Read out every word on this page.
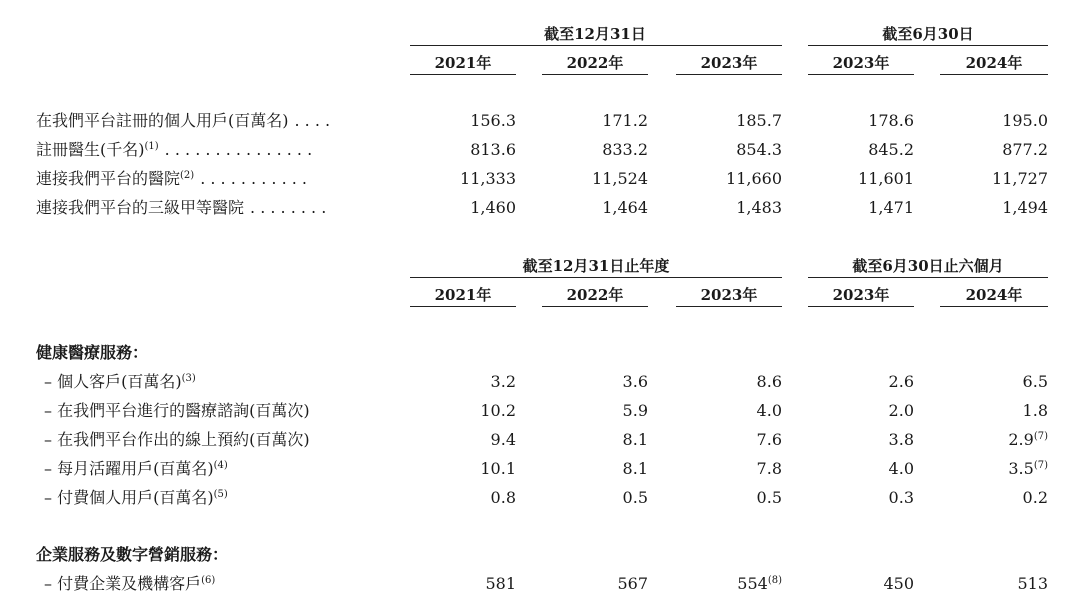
截至12月31日	截至6月30日
2021年	2022年	2023年	2023年	2024年
在我們平台註冊的個人用戶(百萬名) . . . .	156.3	171.2	185.7	178.6	195.0
註冊醫生(千名)$^{(1)}$ . . . . . . . . . . . . . . .	813.6	833.2	854.3	845.2	877.2
連接我們平台的醫院$^{(2)}$ . . . . . . . . . . .	11,333	11,524	11,660	11,601	11,727
連接我們平台的三級甲等醫院 . . . . . . . .	1,460	1,464	1,483	1,471	1,494
截至12月31日止年度	截至6月30日止六個月
2021年	2022年	2023年	2023年	2024年
健康醫療服務：
– 個人客戶(百萬名)$^{(3)}$	3.2	3.6	8.6	2.6	6.5
– 在我們平台進行的醫療諮詢(百萬次)	10.2	5.9	4.0	2.0	1.8
– 在我們平台作出的線上預約(百萬次)	9.4	8.1	7.6	3.8	2.9$^{(7)}$
– 每月活躍用戶(百萬名)$^{(4)}$	10.1	8.1	7.8	4.0	3.5$^{(7)}$
– 付費個人用戶(百萬名)$^{(5)}$	0.8	0.5	0.5	0.3	0.2
企業服務及數字營銷服務：
– 付費企業及機構客戶$^{(6)}$	581	567	554$^{(8)}$	450	513
